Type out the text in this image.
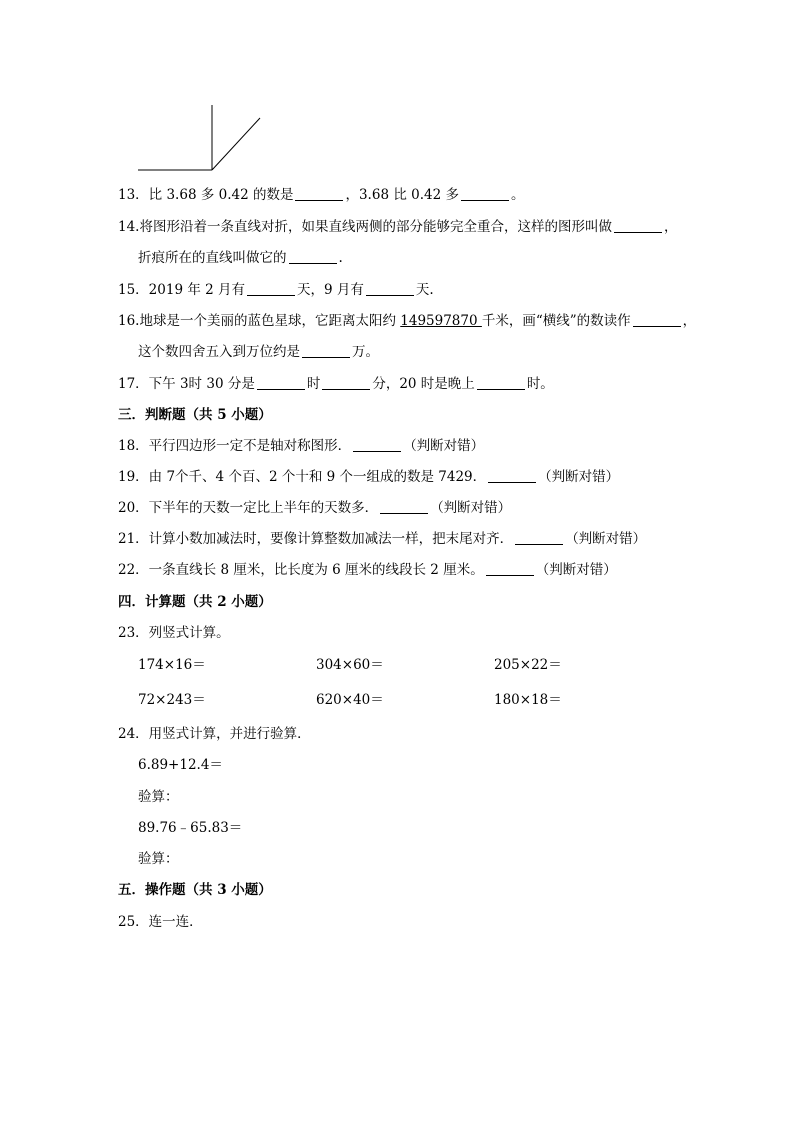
13．比 3.68 多 0.42 的数是	，3.68 比 0.42 多	。
14.将图形沿着一条直线对折，如果直线两侧的部分能够完全重合，这样的图形叫做	，
折痕所在的直线叫做它的	.
15．2019 年 2 月有	天，9 月有	天.
16.地球是一个美丽的蓝色星球，它距离太阳约 149597870 千米，画“横线”的数读作	，
这个数四舍五入到万位约是	万。
17．下午 3时 30 分是	时	分，20 时是晚上	时。
三．判断题（共 5 小题）
18．平行四边形一定不是轴对称图形．	（判断对错）
19．由 7个千、4 个百、2 个十和 9 个一组成的数是 7429．	（判断对错）
20．下半年的天数一定比上半年的天数多．	（判断对错）
21．计算小数加减法时，要像计算整数加减法一样，把末尾对齐．	（判断对错）
22．一条直线长 8 厘米，比长度为 6 厘米的线段长 2 厘米。	（判断对错）
四．计算题（共 2 小题）
23．列竖式计算。
174×16＝	304×60＝	205×22＝
72×243＝	620×40＝	180×18＝
24．用竖式计算，并进行验算．
6.89+12.4＝
验算：
89.76﹣65.83＝
验算：
五．操作题（共 3 小题）
25．连一连．
